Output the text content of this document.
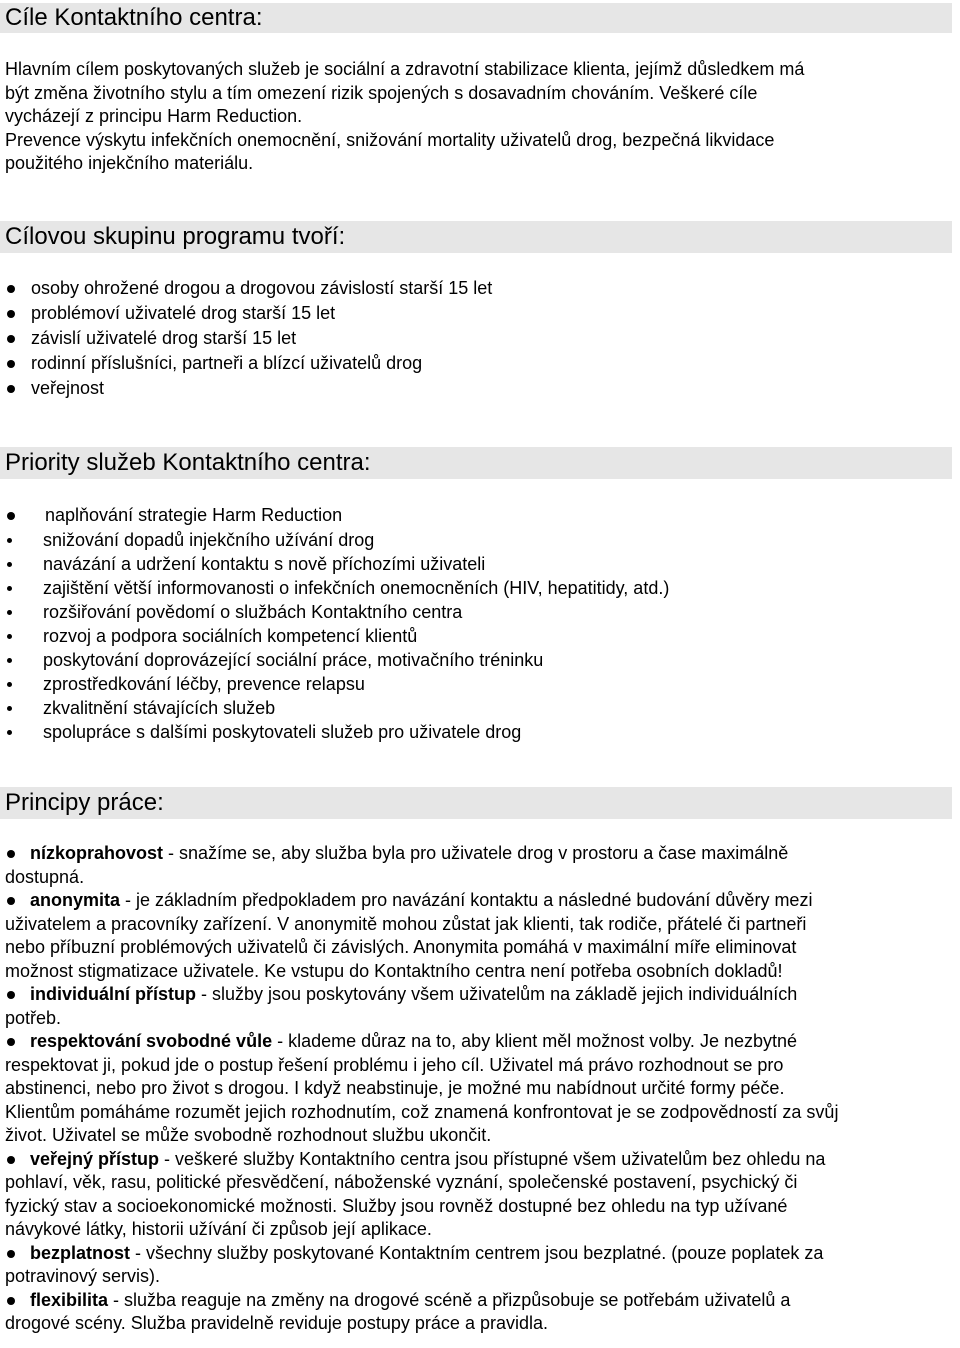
Cíle Kontaktního centra:
Hlavním cílem poskytovaných služeb je sociální a zdravotní stabilizace klienta, jejímž důsledkem má
být změna životního stylu a tím omezení rizik spojených s dosavadním chováním. Veškeré cíle
vycházejí z principu Harm Reduction.
Prevence výskytu infekčních onemocnění, snižování mortality uživatelů drog, bezpečná likvidace
použitého injekčního materiálu.
Cílovou skupinu programu tvoří:
osoby ohrožené drogou a drogovou závislostí starší 15 let
problémoví uživatelé drog starší 15 let
závislí uživatelé drog starší 15 let
rodinní příslušníci, partneři a blízcí uživatelů drog
veřejnost
Priority služeb Kontaktního centra:
naplňování strategie Harm Reduction
snižování dopadů injekčního užívání drog
navázání a udržení kontaktu s nově příchozími uživateli
zajištění větší informovanosti o infekčních onemocněních (HIV, hepatitidy, atd.)
rozšiřování povědomí o službách Kontaktního centra
rozvoj a podpora sociálních kompetencí klientů
poskytování doprovázející sociální práce, motivačního tréninku
zprostředkování léčby, prevence relapsu
zkvalitnění stávajících služeb
spolupráce s dalšími poskytovateli služeb pro uživatele drog
Principy práce:
nízkoprahovost - snažíme se, aby služba byla pro uživatele drog v prostoru a čase maximálně
dostupná.
anonymita - je základním předpokladem pro navázání kontaktu a následné budování důvěry mezi
uživatelem a pracovníky zařízení. V anonymitě mohou zůstat jak klienti, tak rodiče, přátelé či partneři
nebo příbuzní problémových uživatelů či závislých. Anonymita pomáhá v maximální míře eliminovat
možnost stigmatizace uživatele. Ke vstupu do Kontaktního centra není potřeba osobních dokladů!
individuální přístup - služby jsou poskytovány všem uživatelům na základě jejich individuálních
potřeb.
respektování svobodné vůle - klademe důraz na to, aby klient měl možnost volby. Je nezbytné
respektovat ji, pokud jde o postup řešení problému i jeho cíl. Uživatel má právo rozhodnout se pro
abstinenci, nebo pro život s drogou. I když neabstinuje, je možné mu nabídnout určité formy péče.
Klientům pomáháme rozumět jejich rozhodnutím, což znamená konfrontovat je se zodpovědností za svůj
život. Uživatel se může svobodně rozhodnout službu ukončit.
veřejný přístup - veškeré služby Kontaktního centra jsou přístupné všem uživatelům bez ohledu na
pohlaví, věk, rasu, politické přesvědčení, náboženské vyznání, společenské postavení, psychický či
fyzický stav a socioekonomické možnosti. Služby jsou rovněž dostupné bez ohledu na typ užívané
návykové látky, historii užívání či způsob její aplikace.
bezplatnost - všechny služby poskytované Kontaktním centrem jsou bezplatné. (pouze poplatek za
potravinový servis).
flexibilita - služba reaguje na změny na drogové scéně a přizpůsobuje se potřebám uživatelů a
drogové scény. Služba pravidelně reviduje postupy práce a pravidla.
